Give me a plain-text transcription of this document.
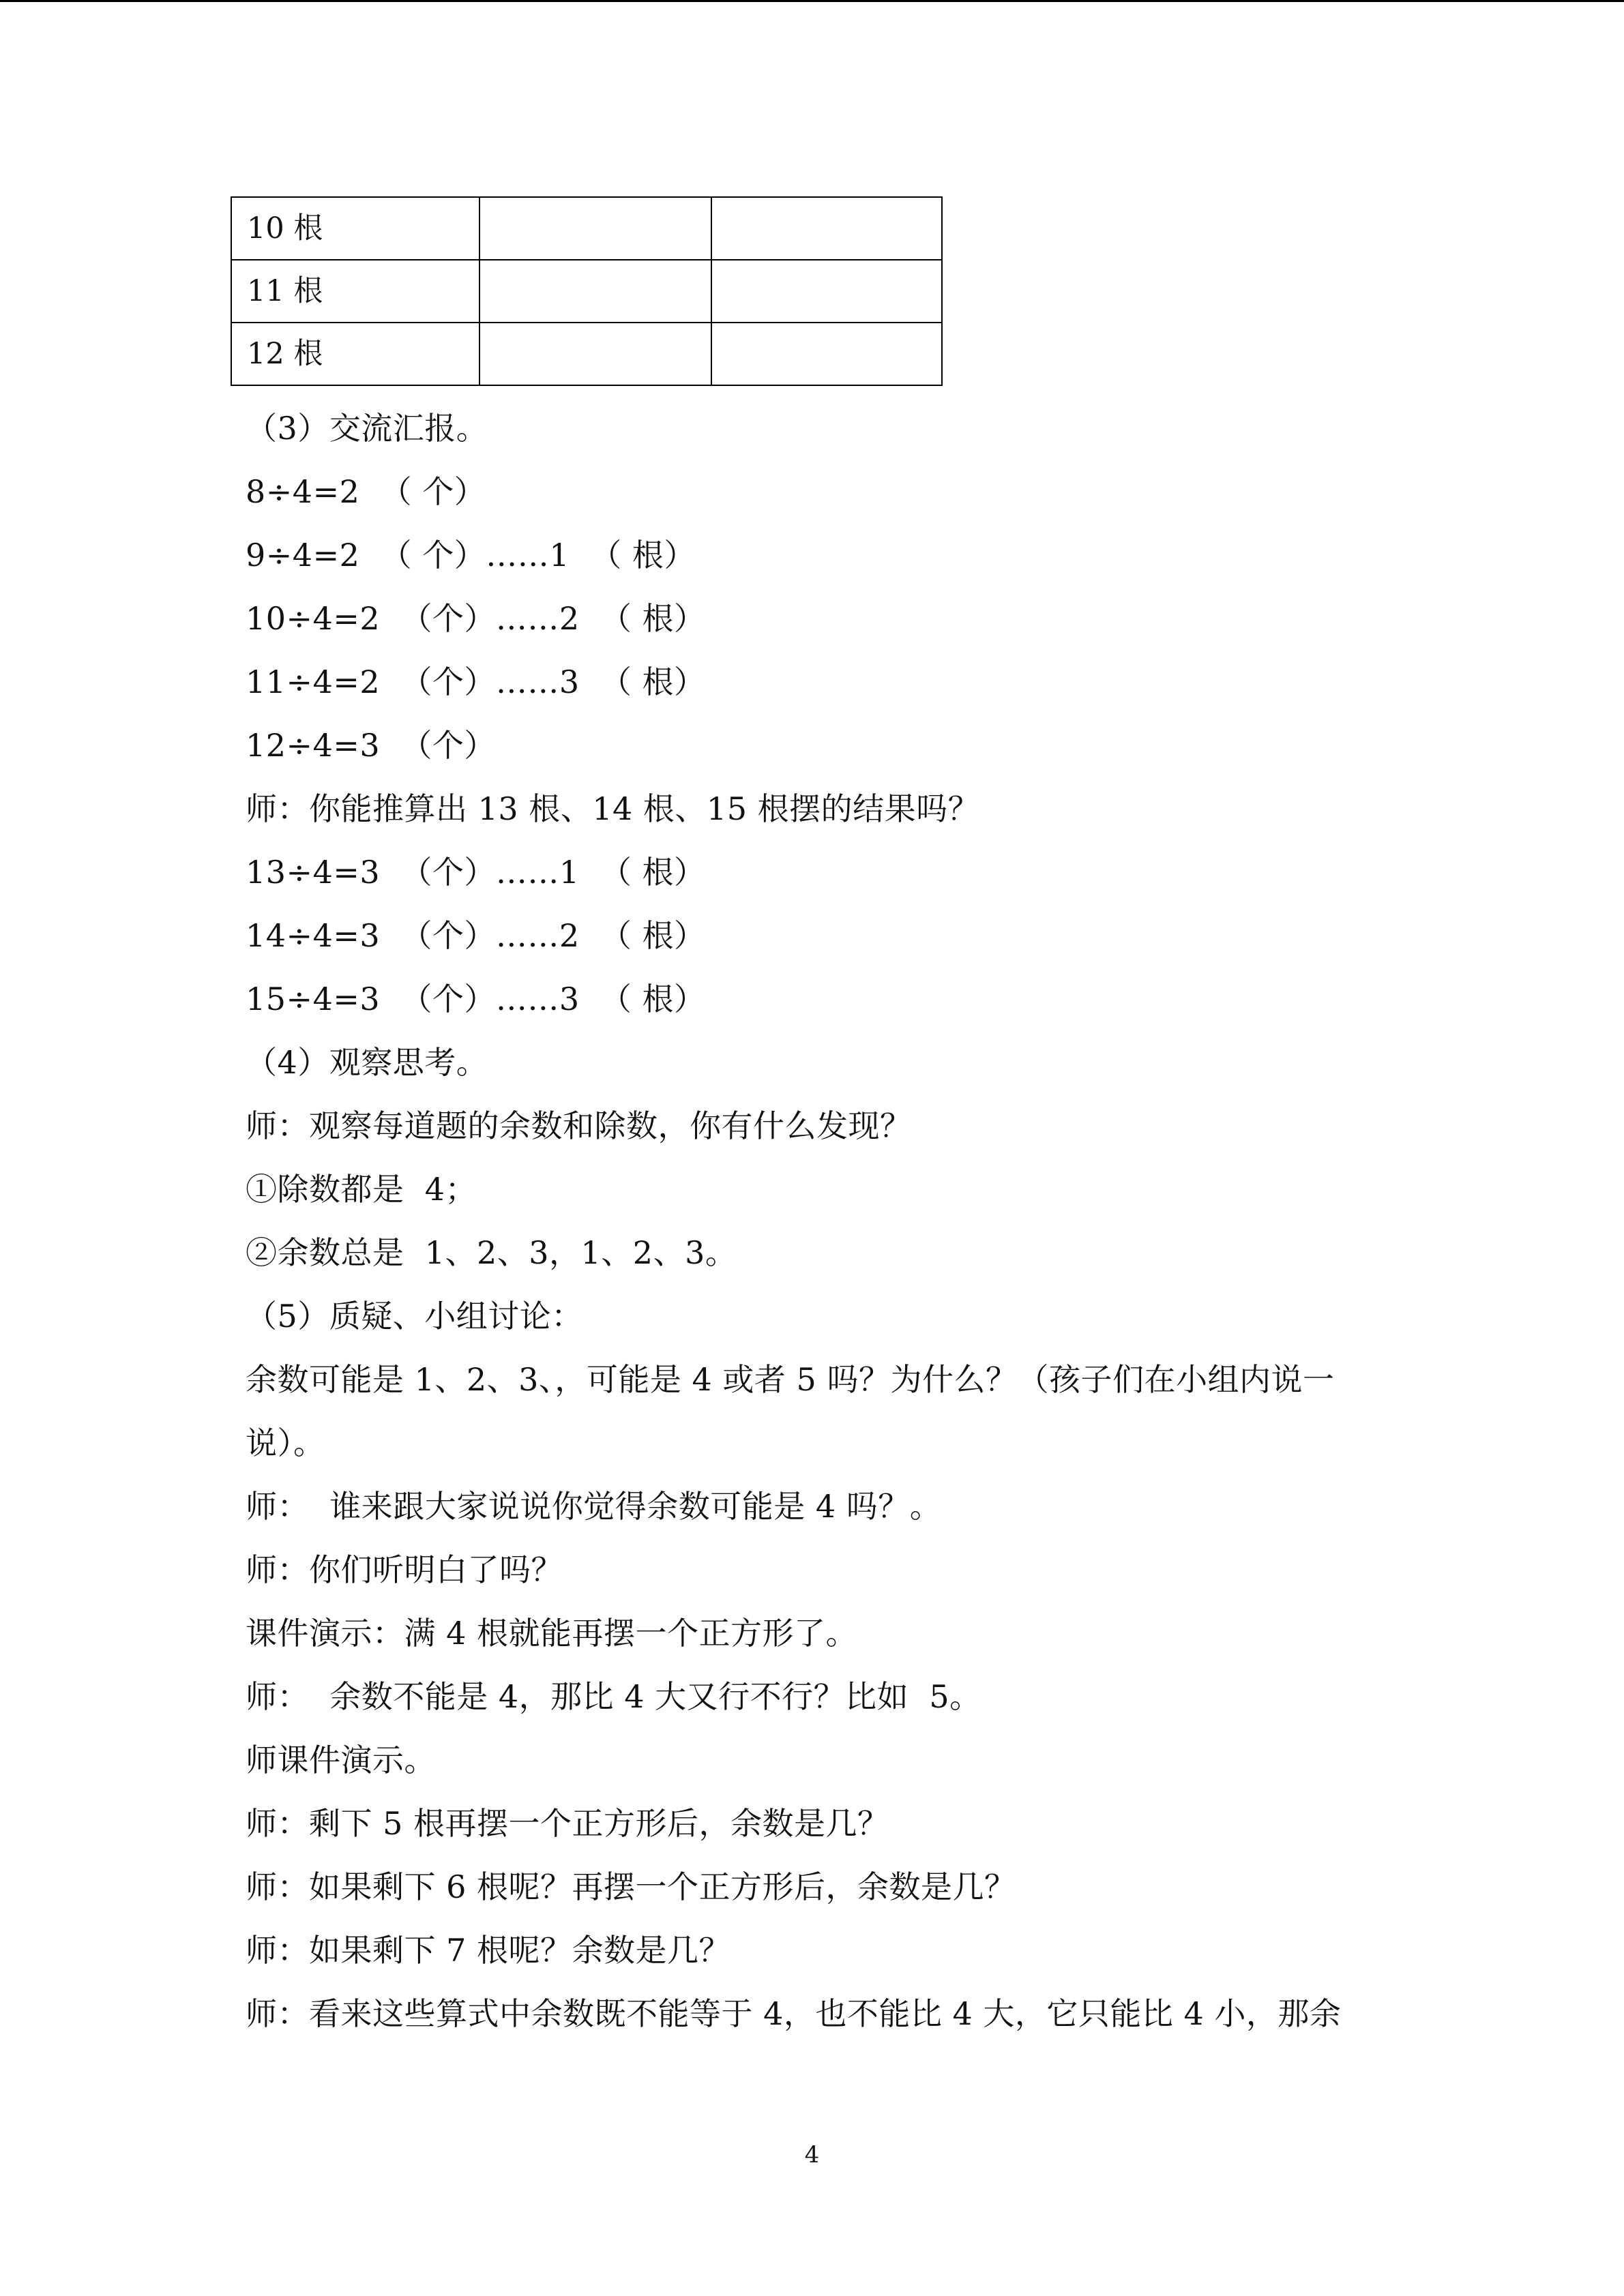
10 根		
11 根		
12 根		
（3）交流汇报。
8÷4=2  （ 个）
9÷4=2  （ 个）……1  （ 根）
10÷4=2  （个）……2  （ 根）
11÷4=2  （个）……3  （ 根）
12÷4=3  （个）
师：你能推算出 13 根、14 根、15 根摆的结果吗？
13÷4=3  （个）……1  （ 根）
14÷4=3  （个）……2  （ 根）
15÷4=3  （个）……3  （ 根）
（4）观察思考。
师：观察每道题的余数和除数，你有什么发现？
①除数都是  4；
②余数总是  1、2、3，1、2、3。
（5）质疑、小组讨论：
余数可能是 1、2、3、，可能是 4 或者 5 吗？为什么？（孩子们在小组内说一
说）。
师：  谁来跟大家说说你觉得余数可能是 4 吗？。
师：你们听明白了吗？
课件演示：满 4 根就能再摆一个正方形了。
师：  余数不能是 4，那比 4 大又行不行？比如  5。
师课件演示。
师：剩下 5 根再摆一个正方形后，余数是几？
师：如果剩下 6 根呢？再摆一个正方形后，余数是几？
师：如果剩下 7 根呢？余数是几？
师：看来这些算式中余数既不能等于 4，也不能比 4 大，它只能比 4 小，那余
4
